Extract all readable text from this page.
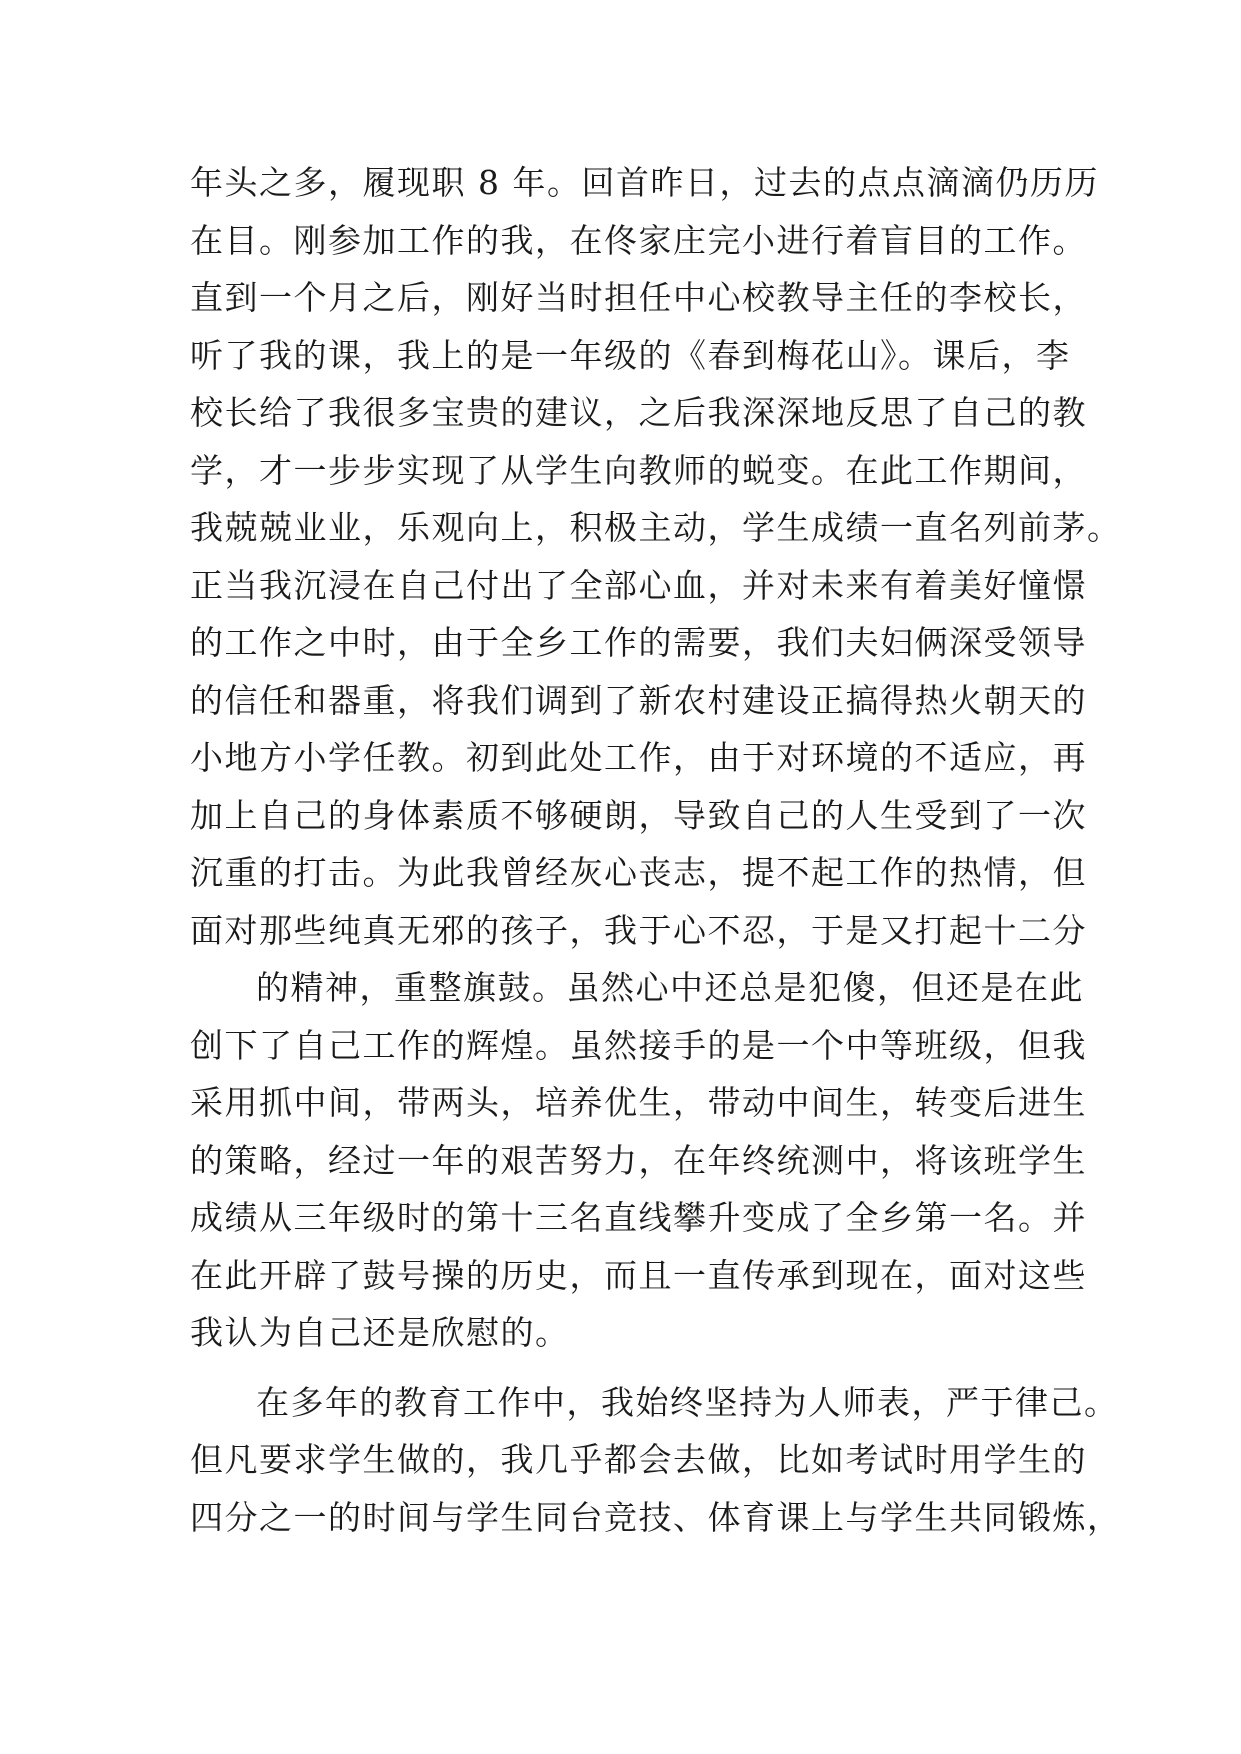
年头之多，履现职 8 年。回首昨日，过去的点点滴滴仍历历
在目。刚参加工作的我，在佟家庄完小进行着盲目的工作。
直到一个月之后，刚好当时担任中心校教导主任的李校长，
听了我的课，我上的是一年级的《春到梅花山》。课后，李
校长给了我很多宝贵的建议，之后我深深地反思了自己的教
学，才一步步实现了从学生向教师的蜕变。在此工作期间，
我兢兢业业，乐观向上，积极主动，学生成绩一直名列前茅。
正当我沉浸在自己付出了全部心血，并对未来有着美好憧憬
的工作之中时，由于全乡工作的需要，我们夫妇俩深受领导
的信任和器重，将我们调到了新农村建设正搞得热火朝天的
小地方小学任教。初到此处工作，由于对环境的不适应，再
加上自己的身体素质不够硬朗，导致自己的人生受到了一次
沉重的打击。为此我曾经灰心丧志，提不起工作的热情，但
面对那些纯真无邪的孩子，我于心不忍，于是又打起十二分
的精神，重整旗鼓。虽然心中还总是犯傻，但还是在此
创下了自己工作的辉煌。虽然接手的是一个中等班级，但我
采用抓中间，带两头，培养优生，带动中间生，转变后进生
的策略，经过一年的艰苦努力，在年终统测中，将该班学生
成绩从三年级时的第十三名直线攀升变成了全乡第一名。并
在此开辟了鼓号操的历史，而且一直传承到现在，面对这些
我认为自己还是欣慰的。
在多年的教育工作中，我始终坚持为人师表，严于律己。
但凡要求学生做的，我几乎都会去做，比如考试时用学生的
四分之一的时间与学生同台竞技、体育课上与学生共同锻炼，
